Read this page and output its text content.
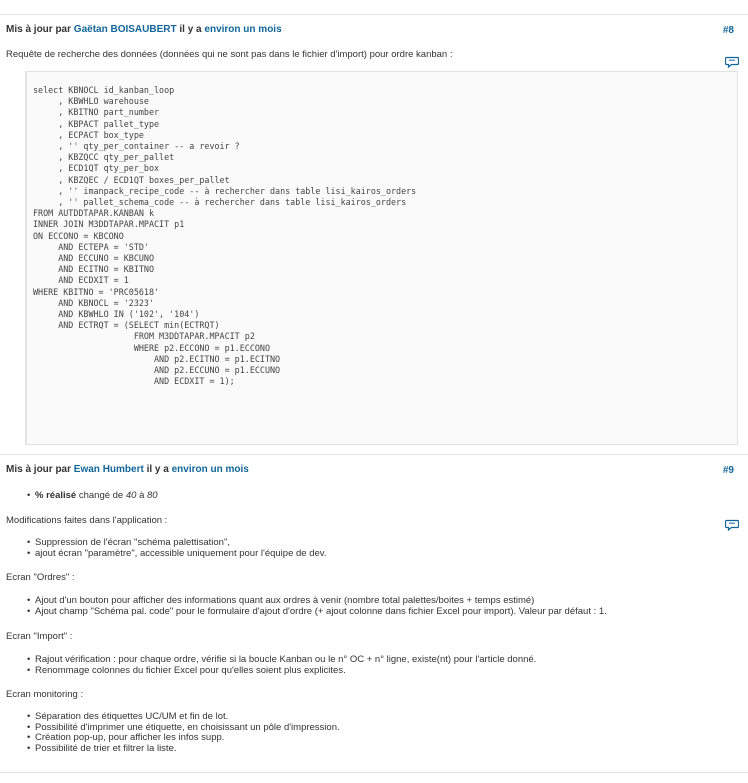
Mis à jour par Gaëtan BOISAUBERT il y a environ un mois	#8
Requête de recherche des données (données qui ne sont pas dans le fichier d'import) pour ordre kanban :
select KBNOCL id_kanban_loop
, KBWHLO warehouse
, KBITNO part_number
, KBPACT pallet_type
, ECPACT box_type
, '' qty_per_container -- a revoir ?
, KBZQCC qty_per_pallet
, ECD1QT qty_per_box
, KBZQEC / ECD1QT boxes_per_pallet
, '' imanpack_recipe_code -- à rechercher dans table lisi_kairos_orders
, '' pallet_schema_code -- à rechercher dans table lisi_kairos_orders
FROM AUTDDTAPAR.KANBAN k
INNER JOIN M3DDTAPAR.MPACIT p1
ON ECCONO = KBCONO
AND ECTEPA = 'STD'
AND ECCUNO = KBCUNO
AND ECITNO = KBITNO
AND ECDXIT = 1
WHERE KBITNO = 'PRC05618'
AND KBNOCL = '2323'
AND KBWHLO IN ('102', '104')
AND ECTRQT = (SELECT min(ECTRQT)
FROM M3DDTAPAR.MPACIT p2
WHERE p2.ECCONO = p1.ECCONO
AND p2.ECITNO = p1.ECITNO
AND p2.ECCUNO = p1.ECCUNO
AND ECDXIT = 1);
Mis à jour par Ewan Humbert il y a environ un mois	#9
• % réalisé changé de 40 à 80
Modifications faites dans l'application :
• Suppression de l'écran "schéma palettisation",
• ajout écran "paramètre", accessible uniquement pour l'équipe de dev.
Ecran "Ordres" :
• Ajout d'un bouton pour afficher des informations quant aux ordres à venir (nombre total palettes/boites + temps estimé)
• Ajout champ "Schéma pal. code" pour le formulaire d'ajout d'ordre (+ ajout colonne dans fichier Excel pour import). Valeur par défaut : 1.
Ecran "Import" :
• Rajout vérification : pour chaque ordre, vérifie si la boucle Kanban ou le n° OC + n° ligne, existe(nt) pour l'article donné.
• Renommage colonnes du fichier Excel pour qu'elles soient plus explicites.
Ecran monitoring :
• Séparation des étiquettes UC/UM et fin de lot.
• Possibilité d'imprimer une étiquette, en choisissant un pôle d'impression.
• Création pop-up, pour afficher les infos supp.
• Possibilité de trier et filtrer la liste.
